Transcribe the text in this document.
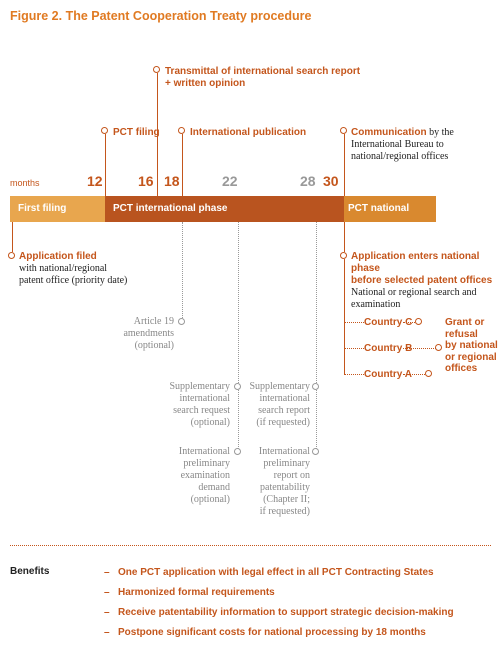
Figure 2. The Patent Cooperation Treaty procedure
Transmittal of international search report
+ written opinion
PCT filing	International publication	Communication by the
International Bureau to
national/regional offices
months	12	16 18	22	28 30
First filing	PCT international phase	PCT national phase
Application filed
with national/regional
patent office (priority date)
Application enters national phase
before selected patent offices
National or regional search and
examination
Country C
Country B
Country A
Grant or
refusal
by national
or regional
offices
Article 19
amendments
(optional)
Supplementary
international
search request
(optional)
International
preliminary
examination
demand
(optional)
Supplementary
international
search report
(if requested)
International
preliminary
report on
patentability
(Chapter II;
if requested)
Benefits	– One PCT application with legal effect in all PCT Contracting States
– Harmonized formal requirements
– Receive patentability information to support strategic decision-making
– Postpone significant costs for national processing by 18 months
